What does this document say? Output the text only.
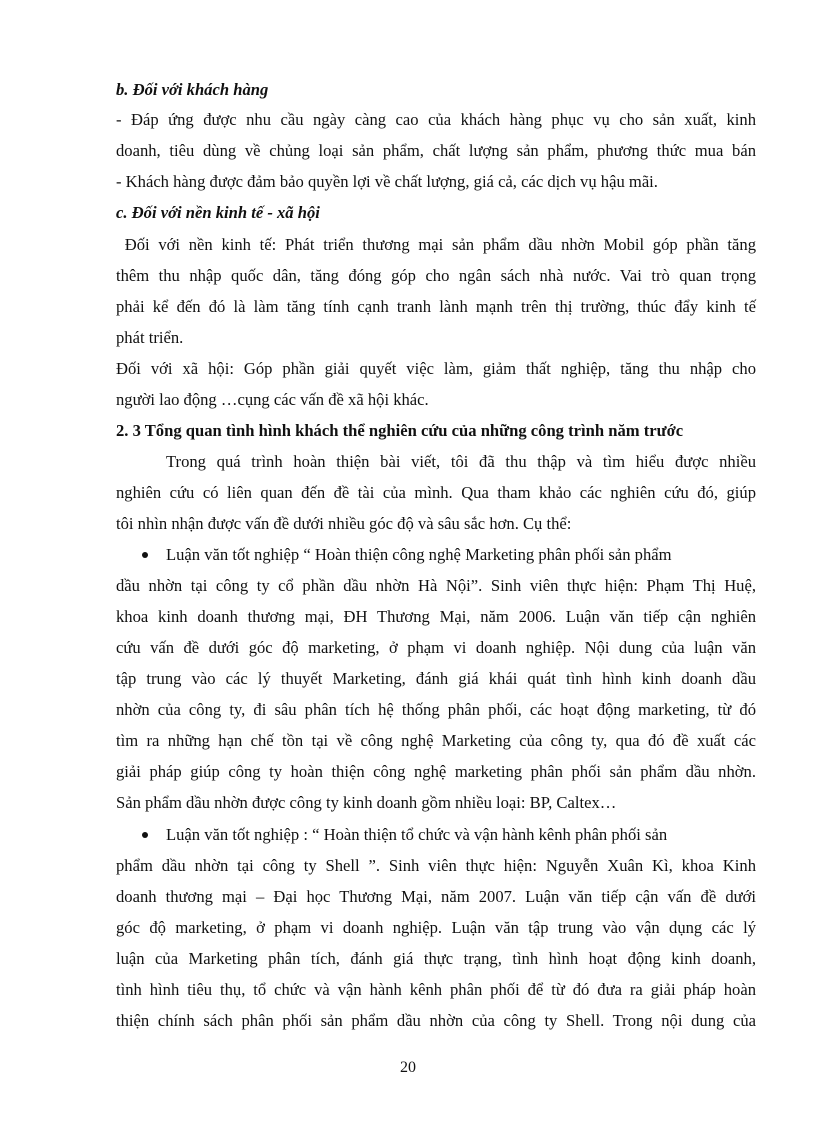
b. Đối với khách hàng
- Đáp ứng được nhu cầu ngày càng cao của khách hàng phục vụ cho sản xuất, kinh
doanh, tiêu dùng về chủng loại sản phẩm, chất lượng sản phẩm, phương thức mua bán
- Khách hàng được đảm bảo quyền lợi về chất lượng, giá cả, các dịch vụ hậu mãi.
c. Đối với nền kinh tế - xã hội
Đối với nền kinh tế: Phát triển thương mại sản phẩm dầu nhờn Mobil góp phần tăng
thêm thu nhập quốc dân, tăng đóng góp cho ngân sách nhà nước. Vai trò quan trọng
phải kể đến đó là làm tăng tính cạnh tranh lành mạnh trên thị trường, thúc đẩy kinh tế
phát triển.
Đối với xã hội: Góp phần giải quyết việc làm, giảm thất nghiệp, tăng thu nhập cho
người lao động …cụng các vấn đề xã hội khác.
2. 3 Tổng quan tình hình khách thể nghiên cứu của những công trình năm trước
Trong quá trình hoàn thiện bài viết, tôi đã thu thập và tìm hiểu được nhiều
nghiên cứu có liên quan đến đề tài của mình. Qua tham khảo các nghiên cứu đó, giúp
tôi nhìn nhận được vấn đề dưới nhiều góc độ và sâu sắc hơn. Cụ thể:
Luận văn tốt nghiệp “ Hoàn thiện công nghệ Marketing phân phối sản phẩm
dầu nhờn tại công ty cổ phần dầu nhờn Hà Nội”. Sinh viên thực hiện: Phạm Thị Huệ,
khoa kinh doanh thương mại, ĐH Thương Mại, năm 2006. Luận văn tiếp cận nghiên
cứu vấn đề dưới góc độ marketing, ở phạm vi doanh nghiệp. Nội dung của luận văn
tập trung vào các lý thuyết Marketing, đánh giá khái quát tình hình kinh doanh dầu
nhờn của công ty, đi sâu phân tích hệ thống phân phối, các hoạt động marketing, từ đó
tìm ra những hạn chế tồn tại về công nghệ Marketing của công ty, qua đó đề xuất các
giải pháp giúp công ty hoàn thiện công nghệ marketing phân phối sản phẩm dầu nhờn.
Sản phẩm dầu nhờn được công ty kinh doanh gồm nhiều loại: BP, Caltex…
Luận văn tốt nghiệp : “ Hoàn thiện tổ chức và vận hành kênh phân phối sản
phẩm dầu nhờn tại công ty Shell ”. Sinh viên thực hiện: Nguyễn Xuân Kì, khoa Kinh
doanh thương mại – Đại học Thương Mại, năm 2007. Luận văn tiếp cận vấn đề dưới
góc độ marketing, ở phạm vi doanh nghiệp. Luận văn tập trung vào vận dụng các lý
luận của Marketing phân tích, đánh giá thực trạng, tình hình hoạt động kinh doanh,
tình hình tiêu thụ, tổ chức và vận hành kênh phân phối để từ đó đưa ra giải pháp hoàn
thiện chính sách phân phối sản phẩm dầu nhờn của công ty Shell. Trong nội dung của
20
